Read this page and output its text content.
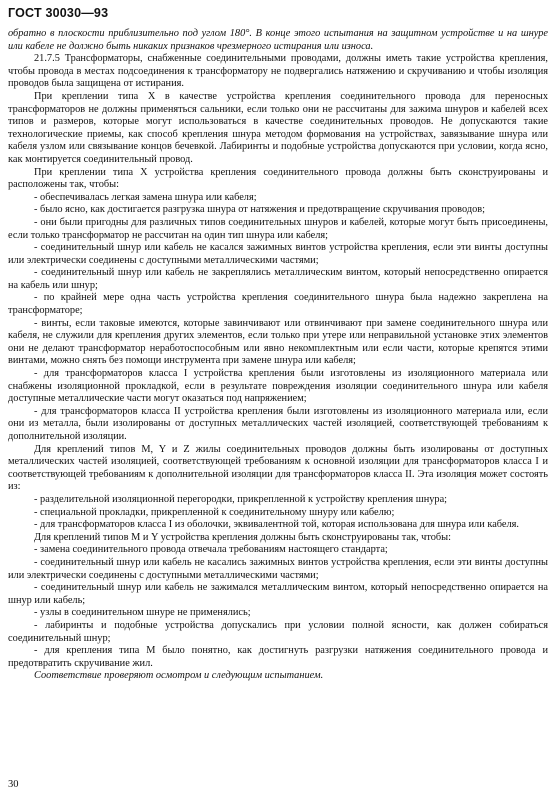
ГОСТ 30030—93

обратно в плоскости приблизительно под углом 180°. В конце этого испытания на защитном устройстве и на шнуре или кабеле не должно быть никаких признаков чрезмерного истирания или износа.

21.7.5 Трансформаторы, снабженные соединительными проводами, должны иметь такие устройства крепления, чтобы провода в местах подсоединения к трансформатору не подвергались натяжению и скручиванию и чтобы изоляция проводов была защищена от истирания.

При креплении типа X в качестве устройства крепления соединительного провода для переносных трансформаторов не должны применяться сальники, если только они не рассчитаны для зажима шнуров и кабелей всех типов и размеров, которые могут использоваться в качестве соединительных проводов. Не допускаются такие технологические приемы, как способ крепления шнура методом формования на устройствах, завязывание шнура или кабеля узлом или связывание концов бечевкой. Лабиринты и подобные устройства допускаются при условии, когда ясно, как монтируется соединительный провод.

При креплении типа X устройства крепления соединительного провода должны быть сконструированы и расположены так, чтобы:

- обеспечивалась легкая замена шнура или кабеля;

- было ясно, как достигается разгрузка шнура от натяжения и предотвращение скручивания проводов;

- они были пригодны для различных типов соединительных шнуров и кабелей, которые могут быть присоединены, если только трансформатор не рассчитан на один тип шнура или кабеля;

- соединительный шнур или кабель не касался зажимных винтов устройства крепления, если эти винты доступны или электрически соединены с доступными металлическими частями;

- соединительный шнур или кабель не закреплялись металлическим винтом, который непосредственно опирается на кабель или шнур;

- по крайней мере одна часть устройства крепления соединительного шнура была надежно закреплена на трансформаторе;

- винты, если таковые имеются, которые завинчивают или отвинчивают при замене соединительного шнура или кабеля, не служили для крепления других элементов, если только при утере или неправильной установке этих элементов они не делают трансформатор неработоспособным или явно некомплектным или если части, которые крепятся этими винтами, можно снять без помощи инструмента при замене шнура или кабеля;

- для трансформаторов класса I устройства крепления были изготовлены из изоляционного материала или снабжены изоляционной прокладкой, если в результате повреждения изоляции соединительного шнура или кабеля доступные металлические части могут оказаться под напряжением;

- для трансформаторов класса II устройства крепления были изготовлены из изоляционного материала или, если они из металла, были изолированы от доступных металлических частей изоляцией, соответствующей требованиям к дополнительной изоляции.

Для креплений типов M, Y и Z жилы соединительных проводов должны быть изолированы от доступных металлических частей изоляцией, соответствующей требованиям к основной изоляции для трансформаторов класса I и соответствующей требованиям к дополнительной изоляции для трансформаторов класса II. Эта изоляция может состоять из:

- разделительной изоляционной перегородки, прикрепленной к устройству крепления шнура;

- специальной прокладки, прикрепленной к соединительному шнуру или кабелю;

- для трансформаторов класса I из оболочки, эквивалентной той, которая использована для шнура или кабеля.

Для креплений типов M и Y устройства крепления должны быть сконструированы так, чтобы:

- замена соединительного провода отвечала требованиям настоящего стандарта;

- соединительный шнур или кабель не касались зажимных винтов устройства крепления, если эти винты доступны или электрически соединены с доступными металлическими частями;

- соединительный шнур или кабель не зажимался металлическим винтом, который непосредственно опирается на шнур или кабель;

- узлы в соединительном шнуре не применялись;

- лабиринты и подобные устройства допускались при условии полной ясности, как должен собираться соединительный шнур;

- для крепления типа M было понятно, как достигнуть разгрузки натяжения соединительного провода и предотвратить скручивание жил.

Соответствие проверяют осмотром и следующим испытанием.

30
